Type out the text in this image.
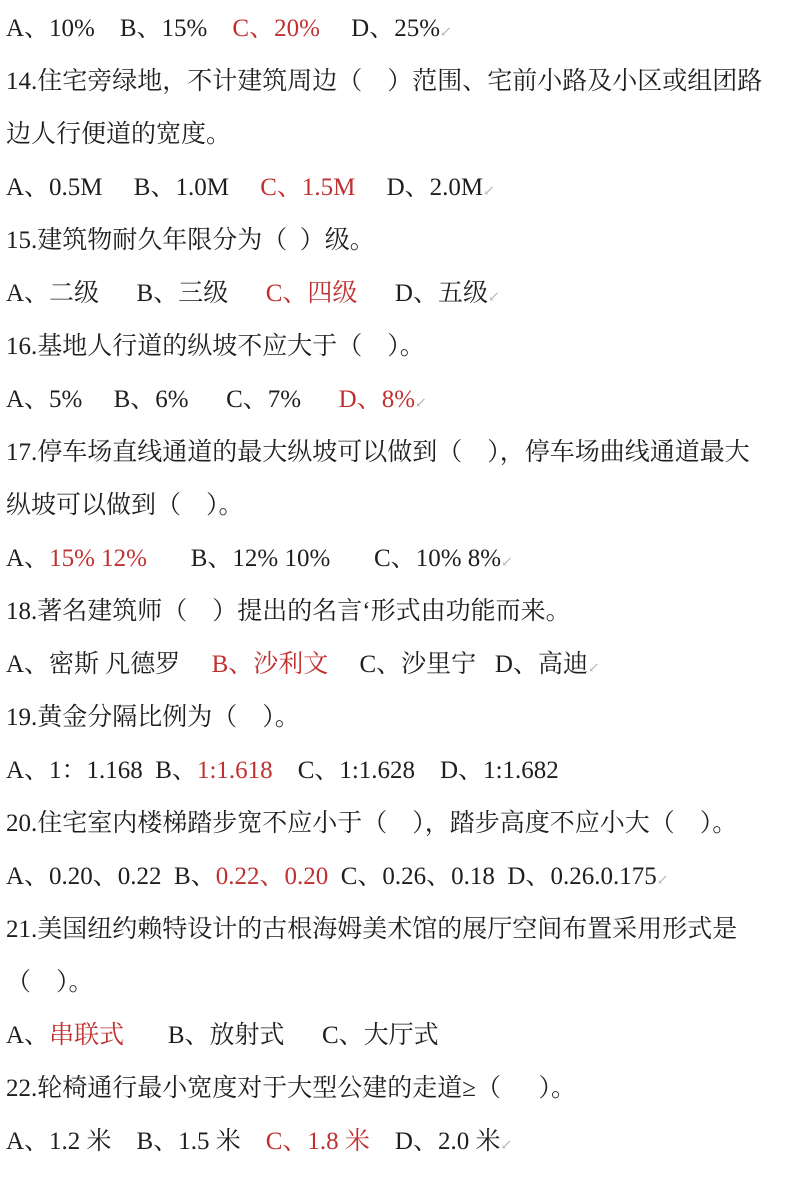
A、10%    B、15%    C、20%     D、25%↙
14.住宅旁绿地，不计建筑周边（    ）范围、宅前小路及小区或组团路
边人行便道的宽度。
A、0.5M     B、1.0M     C、1.5M     D、2.0M↙
15.建筑物耐久年限分为（  ）级。
A、二级      B、三级      C、四级      D、五级↙
16.基地人行道的纵坡不应大于（    ）。
A、5%     B、6%      C、7%      D、8%↙
17.停车场直线通道的最大纵坡可以做到（    ），停车场曲线通道最大
纵坡可以做到（    ）。
A、15% 12%       B、12% 10%       C、10% 8%↙
18.著名建筑师（    ）提出的名言‘形式由功能而来。
A、密斯 凡德罗     B、沙利文     C、沙里宁   D、高迪↙
19.黄金分隔比例为（    ）。
A、1：1.168  B、1:1.618    C、1:1.628    D、1:1.682
20.住宅室内楼梯踏步宽不应小于（    ），踏步高度不应小大（    ）。
A、0.20、0.22  B、0.22、0.20  C、0.26、0.18  D、0.26.0.175↙
21.美国纽约赖特设计的古根海姆美术馆的展厅空间布置采用形式是
（    ）。
A、串联式       B、放射式      C、大厅式
22.轮椅通行最小宽度对于大型公建的走道≥（      ）。
A、1.2 米    B、1.5 米    C、1.8 米    D、2.0 米↙
